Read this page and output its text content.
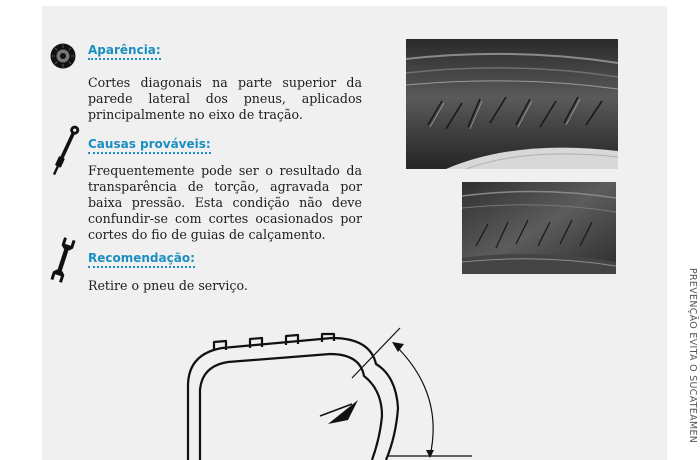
Aparência:

Cortes diagonais na parte superior da parede lateral dos pneus, aplicados principalmente no eixo de tração.

Causas prováveis:

Frequentemente pode ser o resultado da transparência de torção, agravada por baixa pressão. Esta condição não deve confundir-se com cortes ocasionados por cortes do fio de guias de calçamento.

Recomendação:

Retire o pneu de serviço.	PREVENÇÃO EVITA O SUCATEAMEN
